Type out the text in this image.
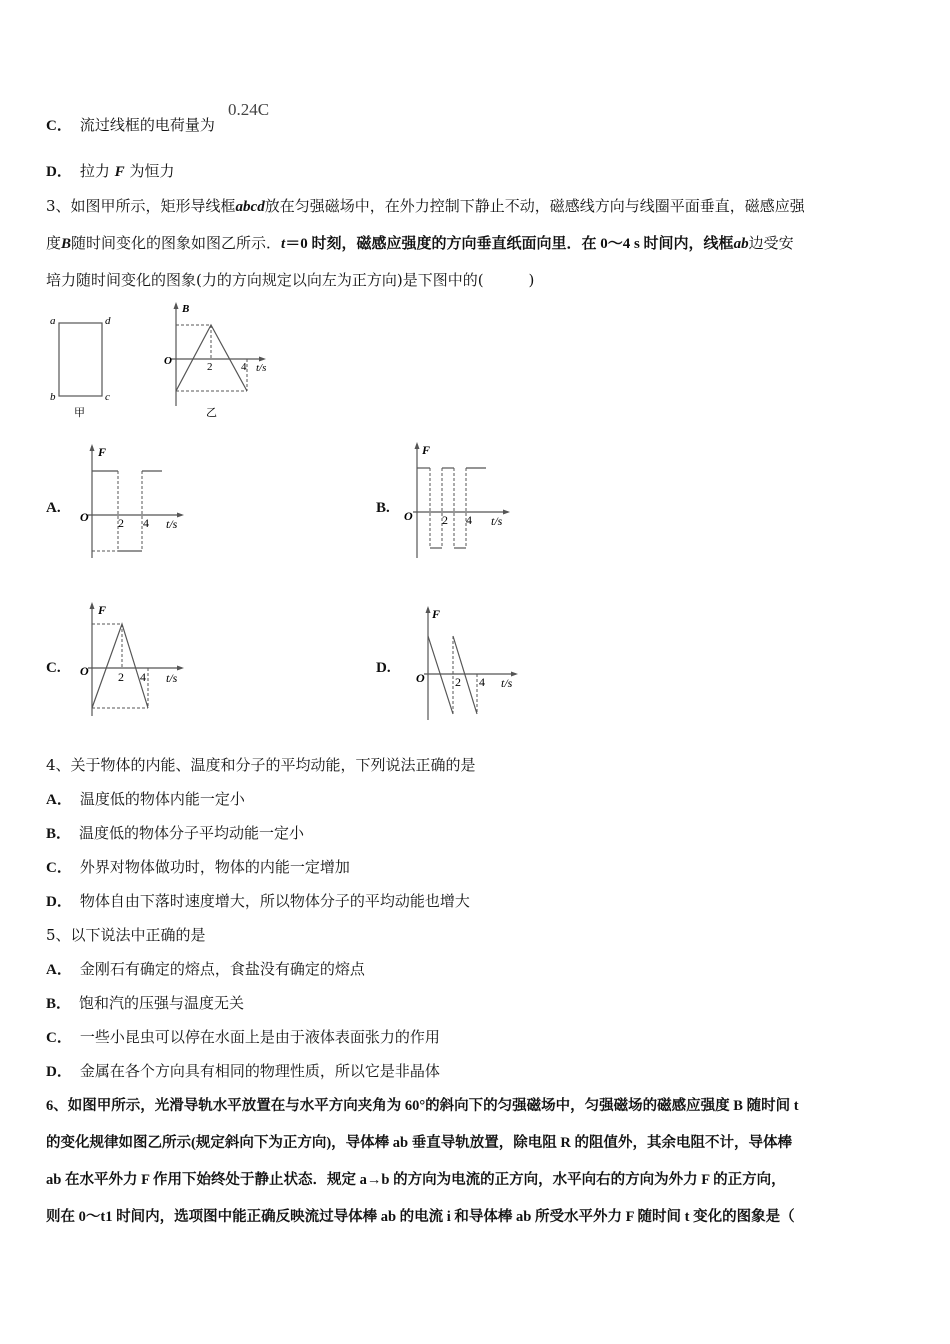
C． 流过线框的电荷量为
0.24C
D． 拉力 F 为恒力
3、如图甲所示，矩形导线框abcd放在匀强磁场中，在外力控制下静止不动，磁感线方向与线圈平面垂直，磁感应强
度B随时间变化的图象如图乙所示．t＝0 时刻，磁感应强度的方向垂直纸面向里．在 0～4 s 时间内，线框ab边受安
培力随时间变化的图象(力的方向规定以向左为正方向)是下图中的(　　　)
a	d
b	c
甲
B
O	2	4 t/s
乙
A.
F
O 2 4 t/s
B.
F
O 2 4 t/s
C.
F
O 2 4 t/s
D.
F
O	2 4 t/s
4、关于物体的内能、温度和分子的平均动能，下列说法正确的是
A． 温度低的物体内能一定小
B． 温度低的物体分子平均动能一定小
C． 外界对物体做功时，物体的内能一定增加
D． 物体自由下落时速度增大，所以物体分子的平均动能也增大
5、以下说法中正确的是
A． 金刚石有确定的熔点，食盐没有确定的熔点
B． 饱和汽的压强与温度无关
C． 一些小昆虫可以停在水面上是由于液体表面张力的作用
D． 金属在各个方向具有相同的物理性质，所以它是非晶体
6、如图甲所示，光滑导轨水平放置在与水平方向夹角为 60°的斜向下的匀强磁场中，匀强磁场的磁感应强度 B 随时间 t
的变化规律如图乙所示(规定斜向下为正方向)，导体棒 ab 垂直导轨放置，除电阻 R 的阻值外，其余电阻不计，导体棒
ab 在水平外力 F 作用下始终处于静止状态．规定 a→b 的方向为电流的正方向，水平向右的方向为外力 F 的正方向，
则在 0～t1 时间内，选项图中能正确反映流过导体棒 ab 的电流 i 和导体棒 ab 所受水平外力 F 随时间 t 变化的图象是（
